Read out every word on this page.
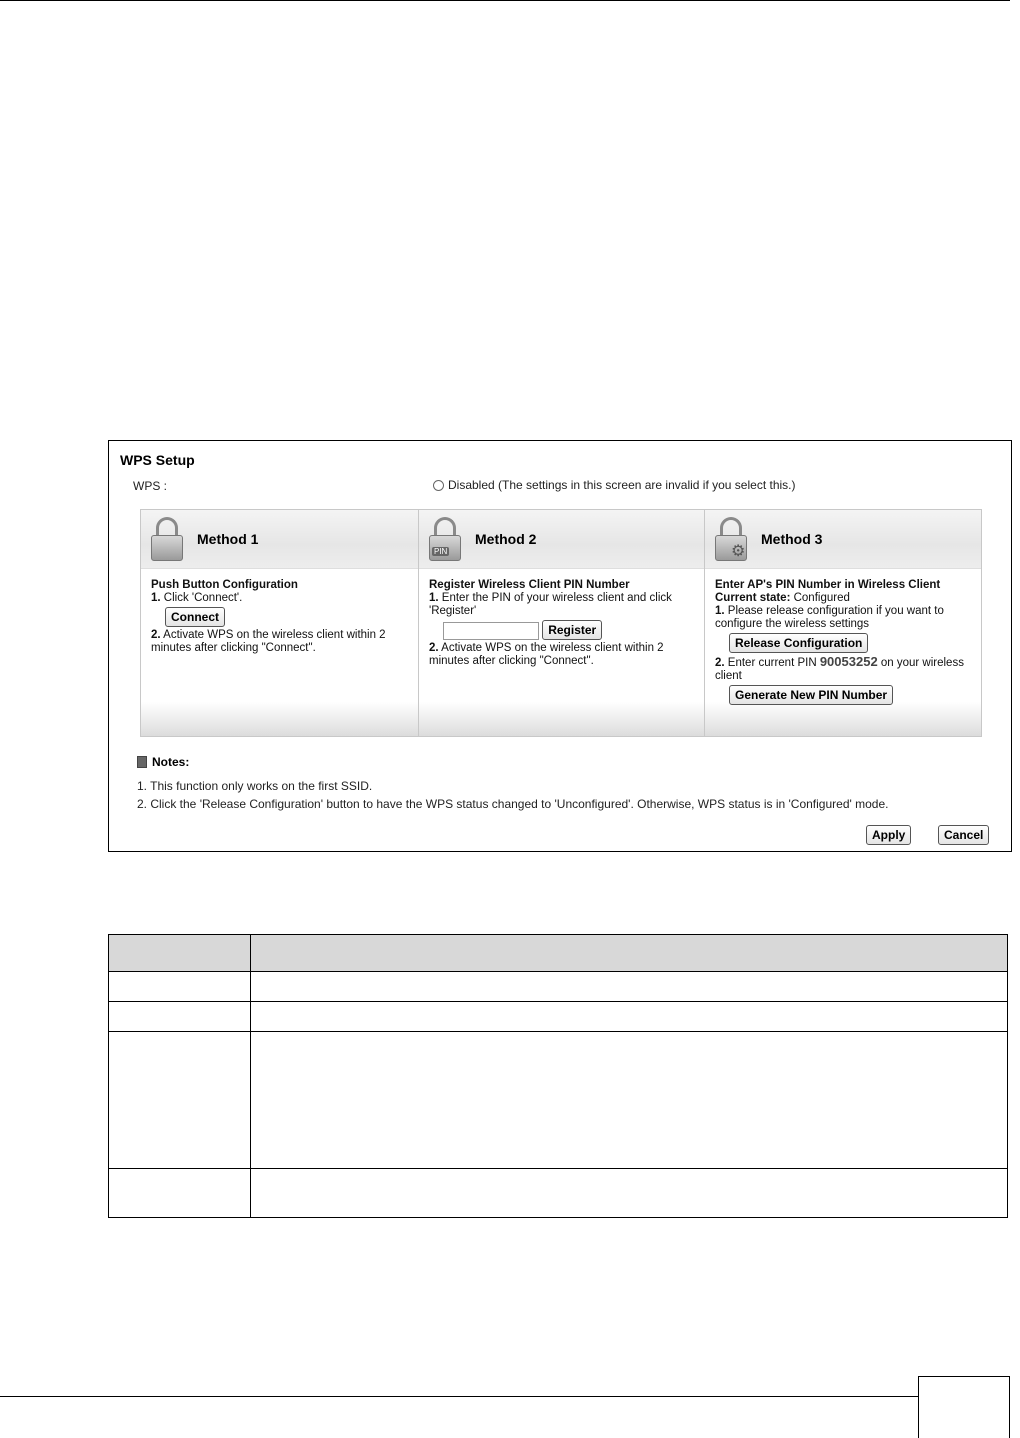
WPS Setup
WPS :	Disabled (The settings in this screen are invalid if you select this.)
Method 1
Push Button Configuration
1. Click 'Connect'.
Connect
2. Activate WPS on the wireless client within 2 minutes after clicking "Connect".
PIN
Method 2
Register Wireless Client PIN Number
1. Enter the PIN of your wireless client and click 'Register'
Register
2. Activate WPS on the wireless client within 2 minutes after clicking "Connect".
⚙
Method 3
Enter AP's PIN Number in Wireless Client
Current state: Configured
1. Please release configuration if you want to configure the wireless settings
Release Configuration
2. Enter current PIN 90053252 on your wireless client
Generate New PIN Number
Notes:
1. This function only works on the first SSID.
2. Click the 'Release Configuration' button to have the WPS status changed to 'Unconfigured'. Otherwise, WPS status is in 'Configured' mode.
Apply	Cancel
